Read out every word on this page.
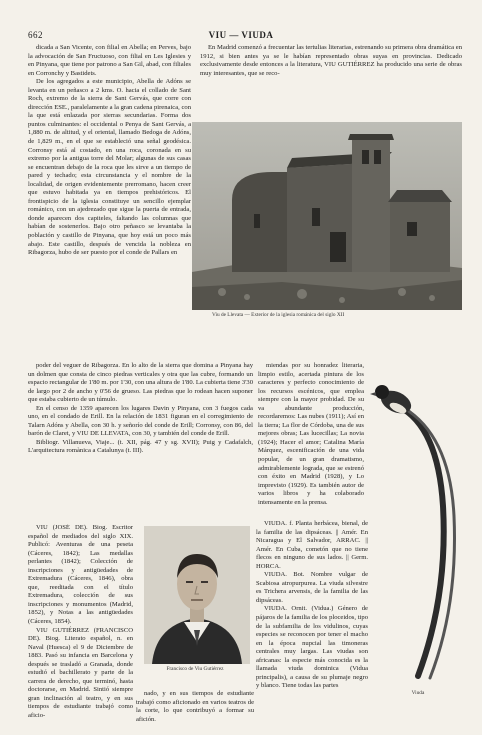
662	VIU — VIUDA

dicada a San Vicente, con filial en Abella; en Perves, bajo la advocación de San Fructuoso, con filial en Les Iglesies y en Pinyana, que tiene por patrono a San Gil, abad, con filiales en Corronchy y Bastidets.

De los agregados a este municipio, Abella de Adóns se levanta en un peñasco a 2 kms. O. hacia el collado de Sant Roch, extremo de la sierra de Sant Gervás, que corre con dirección ESE., paralelamente a la gran cadena pirenaica, con la que está enlazada por sierras secundarias. Forma dos puntos culminantes: el occidental o Penya de Sant Gervás, a 1,880 m. de altitud, y el oriental, llamado Bedoga de Adóns, de 1,829 m., en el que se estableció una señal geodésica. Corronsy está al costado, en una roca, coronada en su extremo por la antigua torre del Molar; algunas de sus casas se encuentran debajo de la roca que les sirve a un tiempo de pared y techado; esta circunstancia y el nombre de la localidad, de origen evidentemente prerromano, hacen creer que estuvo habitada ya en tiempos prehistóricos. El frontispicio de la iglesia constituye un sencillo ejemplar románico, con un ajedrezado que sigue la puerta de entrada, donde aparecen dos capiteles, faltando las columnas que habían de sostenerlos. Bajo otro peñasco se levantaba la población y castillo de Pinyana, que hoy está un poco más abajo. Este castillo, después de vencida la nobleza en Ribagorza, hubo de ser puesto por el conde de Pallars en

En Madrid comenzó a frecuentar las tertulias literarias, estrenando su primera obra dramática en 1912, si bien antes ya se le habían representado obras suyas en provincias. Dedicado exclusivamente desde entonces a la literatura, VIU GUTIÉRREZ ha producido una serie de obras muy interesantes, que se reco-

Viu de Llevata — Exterior de la iglesia románica del siglo XII

poder del veguer de Ribagorza. En lo alto de la sierra que domina a Pinyana hay un dolmen que consta de cinco piedras verticales y otra que las cubre, formando un espacio rectangular de 1'80 m. por 1'30, con una altura de 1'80. La cubierta tiene 3'30 de largo por 2 de ancho y 0'56 de grueso. Las piedras que lo rodean hacen suponer que estaba cubierto de un túmulo.

En el censo de 1359 aparecen los lugares Davin y Pinyana, con 3 fuegos cada uno, en el condado de Erill. En la relación de 1831 figuran en el corregimiento de Talarn Adóns y Abella, con 30 h. y señorío del conde de Erill; Corronsy, con 86, del barón de Claret, y VIU DE LLEVATA, con 30, y también del conde de Erill.

Bibliogr. Villanueva, Viaje... (t. XII, pág. 47 y sg. XVII); Puig y Cadafalch, L'arquitectura romànica a Catalunya (t. III).

miendas por su honradez literaria, limpio estilo, acertada pintura de los caracteres y perfecto conocimiento de los recursos escénicos, que emplea siempre con la mayor probidad. De su va abundante producción, recordaremos: Las nubes (1911); Así en la tierra; La flor de Córdoba, una de sus mejores obras; Las lucecillas; La novia (1924); Hacer el amor; Catalina María Márquez, escenificación de una vida popular, de un gran dramatismo, admirablemente lograda, que se estrenó con éxito en Madrid (1928), y Lo imprevisto (1929). Es también autor de varios libros y ha colaborado intensamente en la prensa.

VIU (JOSÉ DE). Biog. Escritor español de mediados del siglo XIX. Publicó: Aventuras de una peseta (Cáceres, 1842); Las medallas perlantes (1842); Colección de inscripciones y antigüedades de Extremadura (Cáceres, 1846), obra que, reeditada con el título Extremadura, colección de sus inscripciones y monumentos (Madrid, 1852), y Notas a las antigüedades (Cáceres, 1854).

VIU GUTIÉRREZ (FRANCISCO DE). Biog. Literato español, n. en Naval (Huesca) el 9 de Diciembre de 1883. Pasó su infancia en Barcelona y después se trasladó a Granada, donde estudió el bachillerato y parte de la carrera de derecho, que terminó, hasta doctorarse, en Madrid. Sintió siempre gran inclinación al teatro, y en sus tiempos de estudiante trabajó como aficio-

Francisco de Viu Gutiérrez

nado, y en sus tiempos de estudiante trabajó como aficionado en varios teatros de la corte, lo que contribuyó a formar su afición.

VIUDA. f. Planta herbácea, bienal, de la familia de las dipsáceas. || Amér. En Nicaragua y El Salvador, ARRAC. || Amér. En Cuba, cometón que no tiene flecos en ninguno de sus lados. || Germ. HORCA.

VIUDA. Bot. Nombre vulgar de Scabiosa atropurpurea. La viuda silvestre es Trichera arvensis, de la familia de las dipsáceas.

VIUDA. Ornit. (Vidua.) Género de pájaros de la familia de los ploceidos, tipo de la subfamilia de los vidulinos, cuyas especies se reconocen por tener el macho en la época nupcial las timoneras centrales muy largas. Las viudas son africanas: la especie más conocida es la llamada viuda dominica (Vidua principalis), a causa de su plumaje negro y blanco. Tiene todas las partes

Viuda
